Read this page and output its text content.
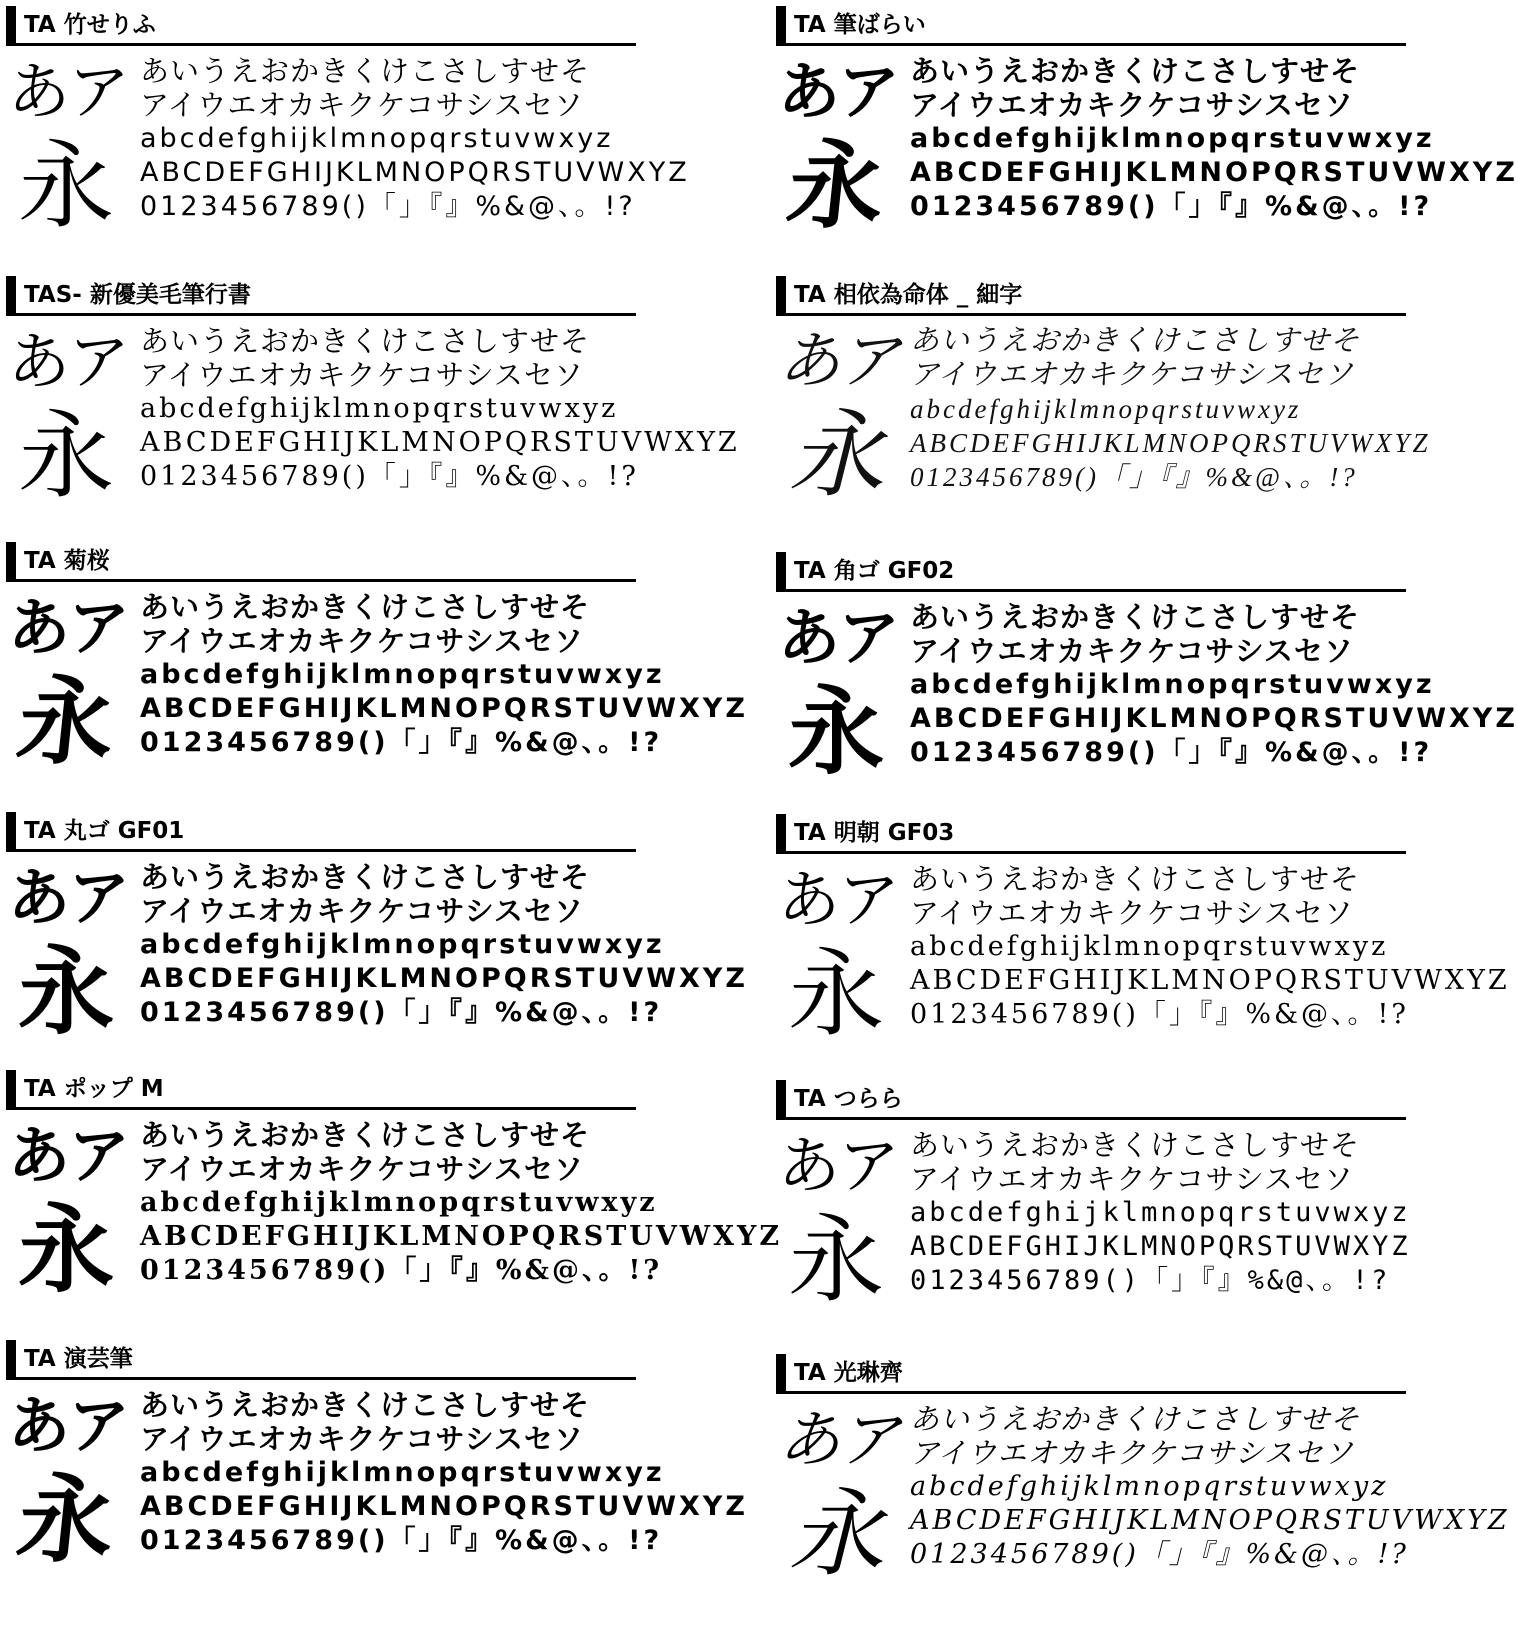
TA 竹せりふ
あア
永
あいうえおかきくけこさしすせそ
アイウエオカキクケコサシスセソ
abcdefghijklmnopqrstuvwxyz
ABCDEFGHIJKLMNOPQRSTUVWXYZ
0123456789()「」『』%&@、。!?
TA 筆ばらい
あア
永
あいうえおかきくけこさしすせそ
アイウエオカキクケコサシスセソ
abcdefghijklmnopqrstuvwxyz
ABCDEFGHIJKLMNOPQRSTUVWXYZ
0123456789()「」『』%&@、。!?
TAS- 新優美毛筆行書
あア
永
あいうえおかきくけこさしすせそ
アイウエオカキクケコサシスセソ
abcdefghijklmnopqrstuvwxyz
ABCDEFGHIJKLMNOPQRSTUVWXYZ
0123456789()「」『』%&@、。!?
TA 相依為命体 _ 細字
あア
永
あいうえおかきくけこさしすせそ
アイウエオカキクケコサシスセソ
abcdefghijklmnopqrstuvwxyz
ABCDEFGHIJKLMNOPQRSTUVWXYZ
0123456789()「」『』%&@、。!?
TA 菊桜
あア
永
あいうえおかきくけこさしすせそ
アイウエオカキクケコサシスセソ
abcdefghijklmnopqrstuvwxyz
ABCDEFGHIJKLMNOPQRSTUVWXYZ
0123456789()「」『』%&@、。!?
TA 角ゴ GF02
あア
永
あいうえおかきくけこさしすせそ
アイウエオカキクケコサシスセソ
abcdefghijklmnopqrstuvwxyz
ABCDEFGHIJKLMNOPQRSTUVWXYZ
0123456789()「」『』%&@、。!?
TA 丸ゴ GF01
あア
永
あいうえおかきくけこさしすせそ
アイウエオカキクケコサシスセソ
abcdefghijklmnopqrstuvwxyz
ABCDEFGHIJKLMNOPQRSTUVWXYZ
0123456789()「」『』%&@、。!?
TA 明朝 GF03
あア
永
あいうえおかきくけこさしすせそ
アイウエオカキクケコサシスセソ
abcdefghijklmnopqrstuvwxyz
ABCDEFGHIJKLMNOPQRSTUVWXYZ
0123456789()「」『』%&@、。!?
TA ポップ M
あア
永
あいうえおかきくけこさしすせそ
アイウエオカキクケコサシスセソ
abcdefghijklmnopqrstuvwxyz
ABCDEFGHIJKLMNOPQRSTUVWXYZ
0123456789()「」『』%&@、。!?
TA つらら
あア
永
あいうえおかきくけこさしすせそ
アイウエオカキクケコサシスセソ
abcdefghijklmnopqrstuvwxyz
ABCDEFGHIJKLMNOPQRSTUVWXYZ
0123456789()「」『』%&@、。!?
TA 演芸筆
あア
永
あいうえおかきくけこさしすせそ
アイウエオカキクケコサシスセソ
abcdefghijklmnopqrstuvwxyz
ABCDEFGHIJKLMNOPQRSTUVWXYZ
0123456789()「」『』%&@、。!?
TA 光琳齊
あア
永
あいうえおかきくけこさしすせそ
アイウエオカキクケコサシスセソ
abcdefghijklmnopqrstuvwxyz
ABCDEFGHIJKLMNOPQRSTUVWXYZ
0123456789()「」『』%&@、。!?
